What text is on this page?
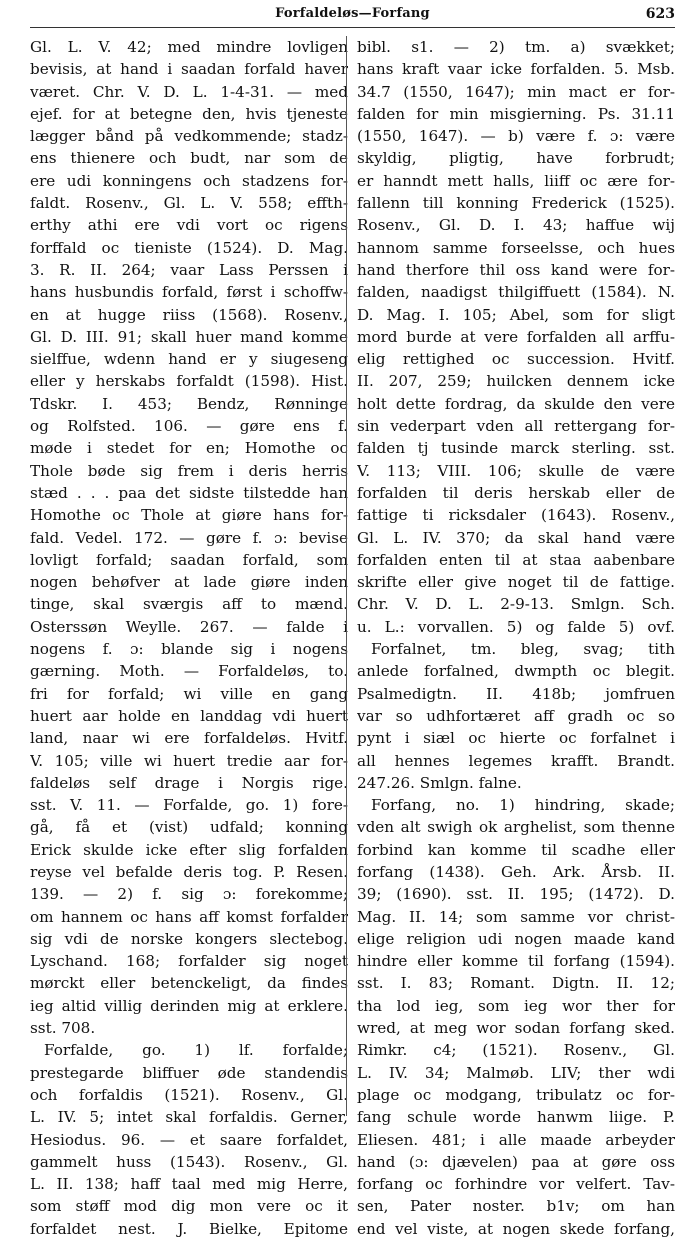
Forfaldeløs—Forfang	623
Gl. L. V. 42; med mindre lovligen
bevisis, at hand i saadan forfald haver
været. Chr. V. D. L. 1-4-31. — med
ejef. for at betegne den, hvis tjeneste
lægger bånd på vedkommende; stadz-
ens thienere och budt, nar som de
ere udi konningens och stadzens for-
faldt. Rosenv., Gl. L. V. 558; effth-
erthy athi ere vdi vort oc rigens
forffald oc tieniste (1524). D. Mag.
3. R. II. 264; vaar Lass Perssen i
hans husbundis forfald, først i schoffw-
en at hugge riiss (1568). Rosenv.,
Gl. D. III. 91; skall huer mand komme
sielffue, wdenn hand er y siugeseng
eller y herskabs forfaldt (1598). Hist.
Tdskr. I. 453; Bendz, Rønninge
og Rolfsted. 106. — gøre ens f.
møde i stedet for en; Homothe oc
Thole bøde sig frem i deris herris
stæd . . . paa det sidste tilstedde han
Homothe oc Thole at giøre hans for-
fald. Vedel. 172. — gøre f. ɔ: bevise
lovligt forfald; saadan forfald, som
nogen behøfver at lade giøre inden
tinge, skal sværgis aff to mænd.
Osterssøn Weylle. 267. — falde i
nogens f. ɔ: blande sig i nogens
gærning. Moth. — Forfaldeløs, to.
fri for forfald; wi ville en gang
huert aar holde en landdag vdi huert
land, naar wi ere forfaldeløs. Hvitf.
V. 105; ville wi huert tredie aar for-
faldeløs self drage i Norgis rige.
sst. V. 11. — Forfalde, go. 1) fore-
gå, få et (vist) udfald; konning
Erick skulde icke efter slig forfalden
reyse vel befalde deris tog. P. Resen.
139. — 2) f. sig ɔ: forekomme;
om hannem oc hans aff komst forfalder
sig vdi de norske kongers slectebog.
Lyschand. 168; forfalder sig noget
mørckt eller betenckeligt, da findes
ieg altid villig derinden mig at erklere.
sst. 708.
Forfalde, go. 1) lf. forfalde;
prestegarde bliffuer øde standendis
och forfaldis (1521). Rosenv., Gl.
L. IV. 5; intet skal forfaldis. Gerner,
Hesiodus. 96. — et saare forfaldet,
gammelt huss (1543). Rosenv., Gl.
L. II. 138; haff taal med mig Herre,
som støff mod dig mon vere oc it
forfaldet nest. J. Bielke, Epitome
bibl. s1. — 2) tm. a) svækket;
hans kraft vaar icke forfalden. 5. Msb.
34.7 (1550, 1647); min mact er for-
falden for min misgierning. Ps. 31.11
(1550, 1647). — b) være f. ɔ: være
skyldig, pligtig, have forbrudt;
er hanndt mett halls, liiff oc ære for-
fallenn till konning Frederick (1525).
Rosenv., Gl. D. I. 43; haffue wij
hannom samme forseelsse, och hues
hand therfore thil oss kand were for-
falden, naadigst thilgiffuett (1584). N.
D. Mag. I. 105; Abel, som for sligt
mord burde at vere forfalden all arffu-
elig rettighed oc succession. Hvitf.
II. 207, 259; huilcken dennem icke
holt dette fordrag, da skulde den vere
sin vederpart vden all rettergang for-
falden tj tusinde marck sterling. sst.
V. 113; VIII. 106; skulle de være
forfalden til deris herskab eller de
fattige ti ricksdaler (1643). Rosenv.,
Gl. L. IV. 370; da skal hand være
forfalden enten til at staa aabenbare
skrifte eller give noget til de fattige.
Chr. V. D. L. 2-9-13. Smlgn. Sch.
u. L.: vorvallen. 5) og falde 5) ovf.
Forfalnet, tm. bleg, svag; tith
anlede forfalned, dwmpth oc blegit.
Psalmedigtn. II. 418b; jomfruen
var so udhfortæret aff gradh oc so
pynt i siæl oc hierte oc forfalnet i
all hennes legemes krafft. Brandt.
247.26. Smlgn. falne.
Forfang, no. 1) hindring, skade;
vden alt swigh ok arghelist, som thenne
forbind kan komme til scadhe eller
forfang (1438). Geh. Ark. Årsb. II.
39; (1690). sst. II. 195; (1472). D.
Mag. II. 14; som samme vor christ-
elige religion udi nogen maade kand
hindre eller komme til forfang (1594).
sst. I. 83; Romant. Digtn. II. 12;
tha lod ieg, som ieg wor ther for
wred, at meg wor sodan forfang sked.
Rimkr. c4; (1521). Rosenv., Gl.
L. IV. 34; Malmøb. LIV; ther wdi
plage oc modgang, tribulatz oc for-
fang schule worde hanwm liige. P.
Eliesen. 481; i alle maade arbeyder
hand (ɔ: djævelen) paa at gøre oss
forfang oc forhindre vor velfert. Tav-
sen, Pater noster. b1v; om han
end vel viste, at nogen skede forfang,
